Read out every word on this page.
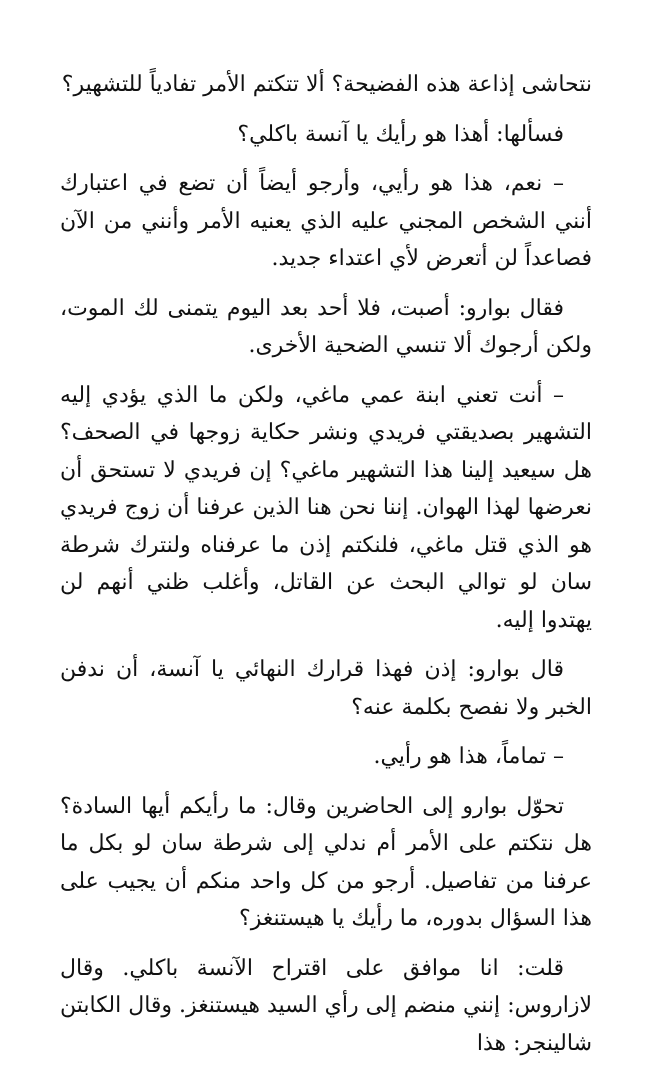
نتحاشى إذاعة هذه الفضيحة؟ ألا تتكتم الأمر تفادياً للتشهير؟

فسألها: أهذا هو رأيك يا آنسة باكلي؟

– نعم، هذا هو رأيي، وأرجو أيضاً أن تضع في اعتبارك أنني الشخص المجني عليه الذي يعنيه الأمر وأنني من الآن فصاعداً لن أتعرض لأي اعتداء جديد.

فقال بوارو: أصبت، فلا أحد بعد اليوم يتمنى لك الموت، ولكن أرجوك ألا تنسي الضحية الأخرى.

– أنت تعني ابنة عمي ماغي، ولكن ما الذي يؤدي إليه التشهير بصديقتي فريدي ونشر حكاية زوجها في الصحف؟ هل سيعيد إلينا هذا التشهير ماغي؟ إن فريدي لا تستحق أن نعرضها لهذا الهوان. إننا نحن هنا الذين عرفنا أن زوج فريدي هو الذي قتل ماغي، فلنكتم إذن ما عرفناه ولنترك شرطة سان لو توالي البحث عن القاتل، وأغلب ظني أنهم لن يهتدوا إليه.

قال بوارو: إذن فهذا قرارك النهائي يا آنسة، أن ندفن الخبر ولا نفصح بكلمة عنه؟

– تماماً، هذا هو رأيي.

تحوّل بوارو إلى الحاضرين وقال: ما رأيكم أيها السادة؟ هل نتكتم على الأمر أم ندلي إلى شرطة سان لو بكل ما عرفنا من تفاصيل. أرجو من كل واحد منكم أن يجيب على هذا السؤال بدوره، ما رأيك يا هيستنغز؟

قلت: انا موافق على اقتراح الآنسة باكلي. وقال لازاروس: إنني منضم إلى رأي السيد هيستنغز. وقال الكابتن شالينجر: هذا
